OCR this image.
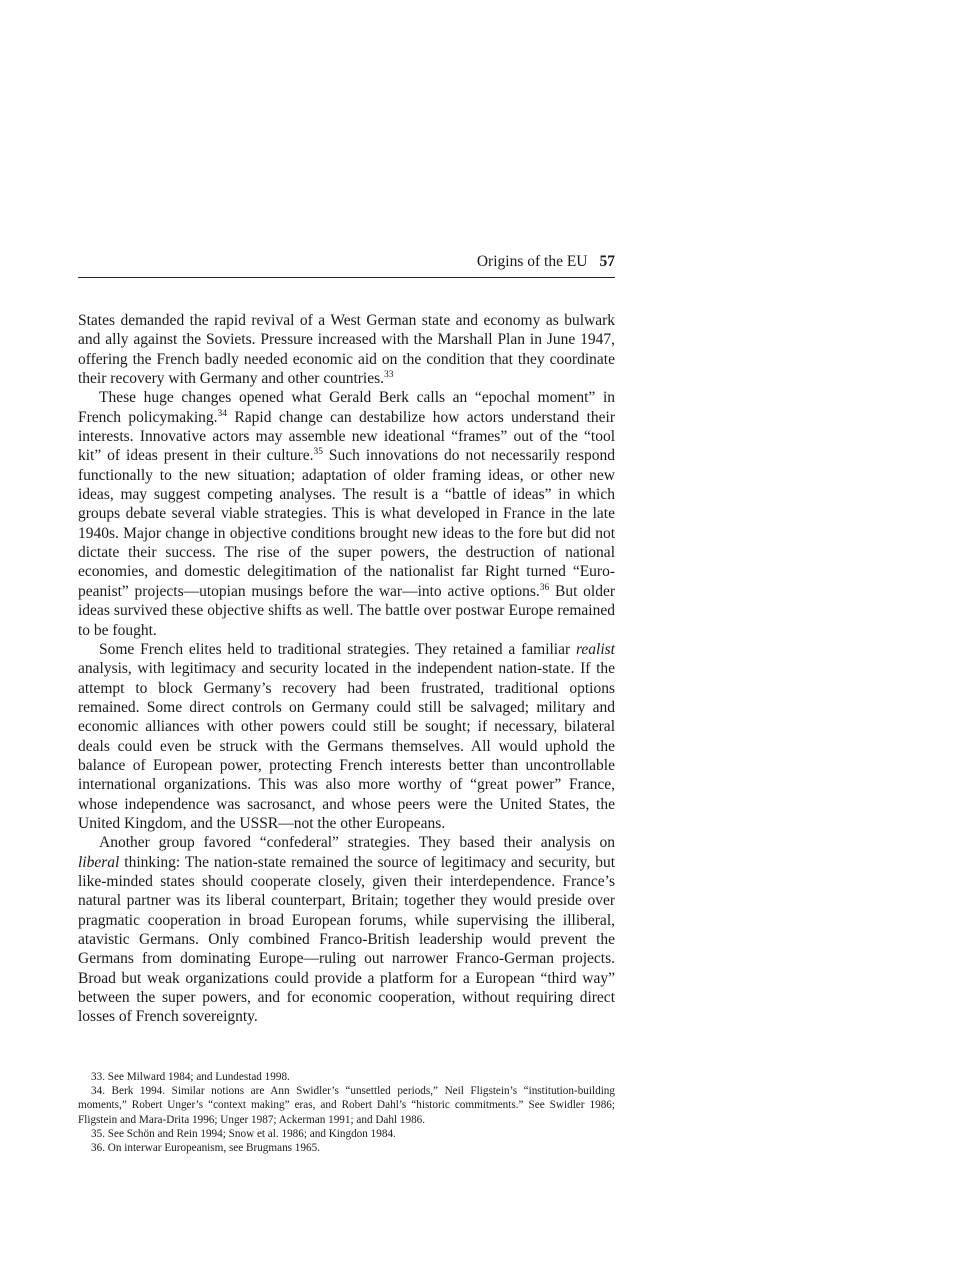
Origins of the EU 57

States demanded the rapid revival of a West German state and economy as bulwark and ally against the Soviets. Pressure increased with the Marshall Plan in June 1947, offering the French badly needed economic aid on the condition that they coordinate their recovery with Germany and other countries.$^{33}$

These huge changes opened what Gerald Berk calls an “epochal moment” in French policymaking.$^{34}$ Rapid change can destabilize how actors understand their interests. Innovative actors may assemble new ideational “frames” out of the “tool kit” of ideas present in their culture.$^{35}$ Such innovations do not necessarily respond functionally to the new situation; adaptation of older framing ideas, or other new ideas, may suggest competing analyses. The result is a “battle of ideas” in which groups debate several viable strategies. This is what developed in France in the late 1940s. Major change in objective conditions brought new ideas to the fore but did not dictate their success. The rise of the super powers, the destruction of national economies, and domestic delegitimation of the nationalist far Right turned “Euro-peanist” projects—utopian musings before the war—into active options.$^{36}$ But older ideas survived these objective shifts as well. The battle over postwar Europe remained to be fought.

Some French elites held to traditional strategies. They retained a familiar realist analysis, with legitimacy and security located in the independent nation-state. If the attempt to block Germany’s recovery had been frustrated, traditional options remained. Some direct controls on Germany could still be salvaged; military and economic alliances with other powers could still be sought; if necessary, bilateral deals could even be struck with the Germans themselves. All would uphold the balance of European power, protecting French interests better than uncontrollable international organizations. This was also more worthy of “great power” France, whose independence was sacrosanct, and whose peers were the United States, the United Kingdom, and the USSR—not the other Europeans.

Another group favored “confederal” strategies. They based their analysis on liberal thinking: The nation-state remained the source of legitimacy and security, but like-minded states should cooperate closely, given their interdependence. France’s natural partner was its liberal counterpart, Britain; together they would preside over pragmatic cooperation in broad European forums, while supervising the illiberal, atavistic Germans. Only combined Franco-British leadership would prevent the Germans from dominating Europe—ruling out narrower Franco-German projects. Broad but weak organizations could provide a platform for a European “third way” between the super powers, and for economic cooperation, without requiring direct losses of French sovereignty.

33. See Milward 1984; and Lundestad 1998.

34. Berk 1994. Similar notions are Ann Swidler’s “unsettled periods,” Neil Fligstein’s “institution-building moments,” Robert Unger’s “context making” eras, and Robert Dahl’s “historic commitments.” See Swidler 1986; Fligstein and Mara-Drita 1996; Unger 1987; Ackerman 1991; and Dahl 1986.

35. See Schön and Rein 1994; Snow et al. 1986; and Kingdon 1984.

36. On interwar Europeanism, see Brugmans 1965.
